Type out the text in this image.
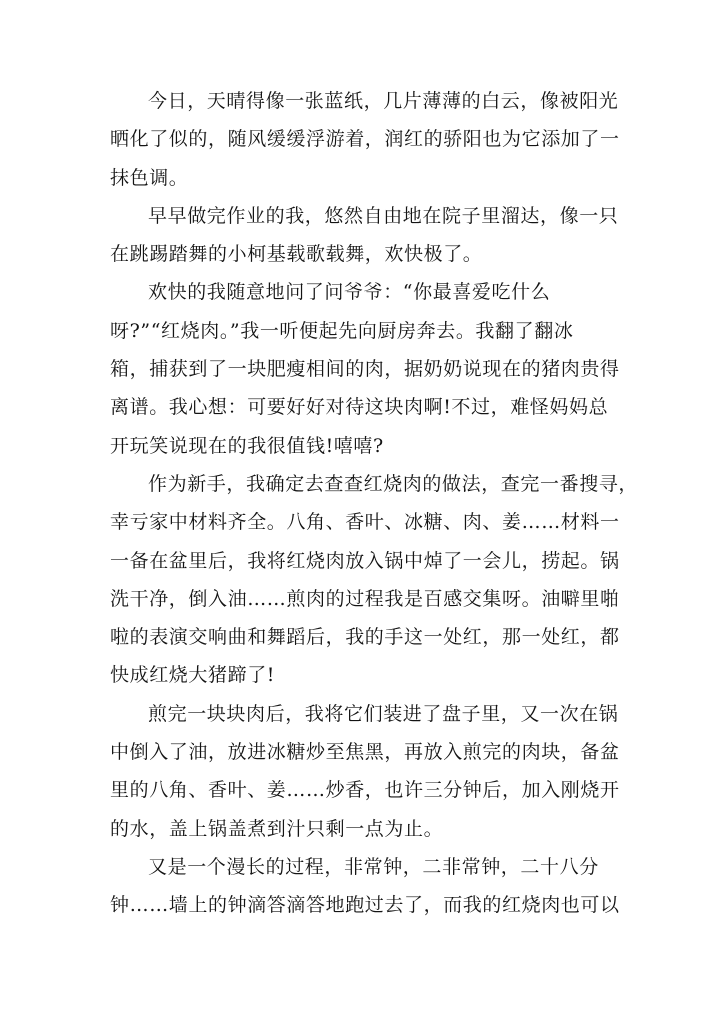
今日，天晴得像一张蓝纸，几片薄薄的白云，像被阳光
晒化了似的，随风缓缓浮游着，润红的骄阳也为它添加了一
抹色调。

早早做完作业的我，悠然自由地在院子里溜达，像一只
在跳踢踏舞的小柯基载歌载舞，欢快极了。

欢快的我随意地问了问爷爷：“你最喜爱吃什么
呀?”“红烧肉。”我一听便起先向厨房奔去。我翻了翻冰
箱，捕获到了一块肥瘦相间的肉，据奶奶说现在的猪肉贵得
离谱。我心想：可要好好对待这块肉啊!不过，难怪妈妈总
开玩笑说现在的我很值钱!嘻嘻?

作为新手，我确定去查查红烧肉的做法，查完一番搜寻，
幸亏家中材料齐全。八角、香叶、冰糖、肉、姜……材料一
一备在盆里后，我将红烧肉放入锅中焯了一会儿，捞起。锅
洗干净，倒入油……煎肉的过程我是百感交集呀。油噼里啪
啦的表演交响曲和舞蹈后，我的手这一处红，那一处红，都
快成红烧大猪蹄了!

煎完一块块肉后，我将它们装进了盘子里，又一次在锅
中倒入了油，放进冰糖炒至焦黑，再放入煎完的肉块，备盆
里的八角、香叶、姜……炒香，也许三分钟后，加入刚烧开
的水，盖上锅盖煮到汁只剩一点为止。

又是一个漫长的过程，非常钟，二非常钟，二十八分
钟……墙上的钟滴答滴答地跑过去了，而我的红烧肉也可以
